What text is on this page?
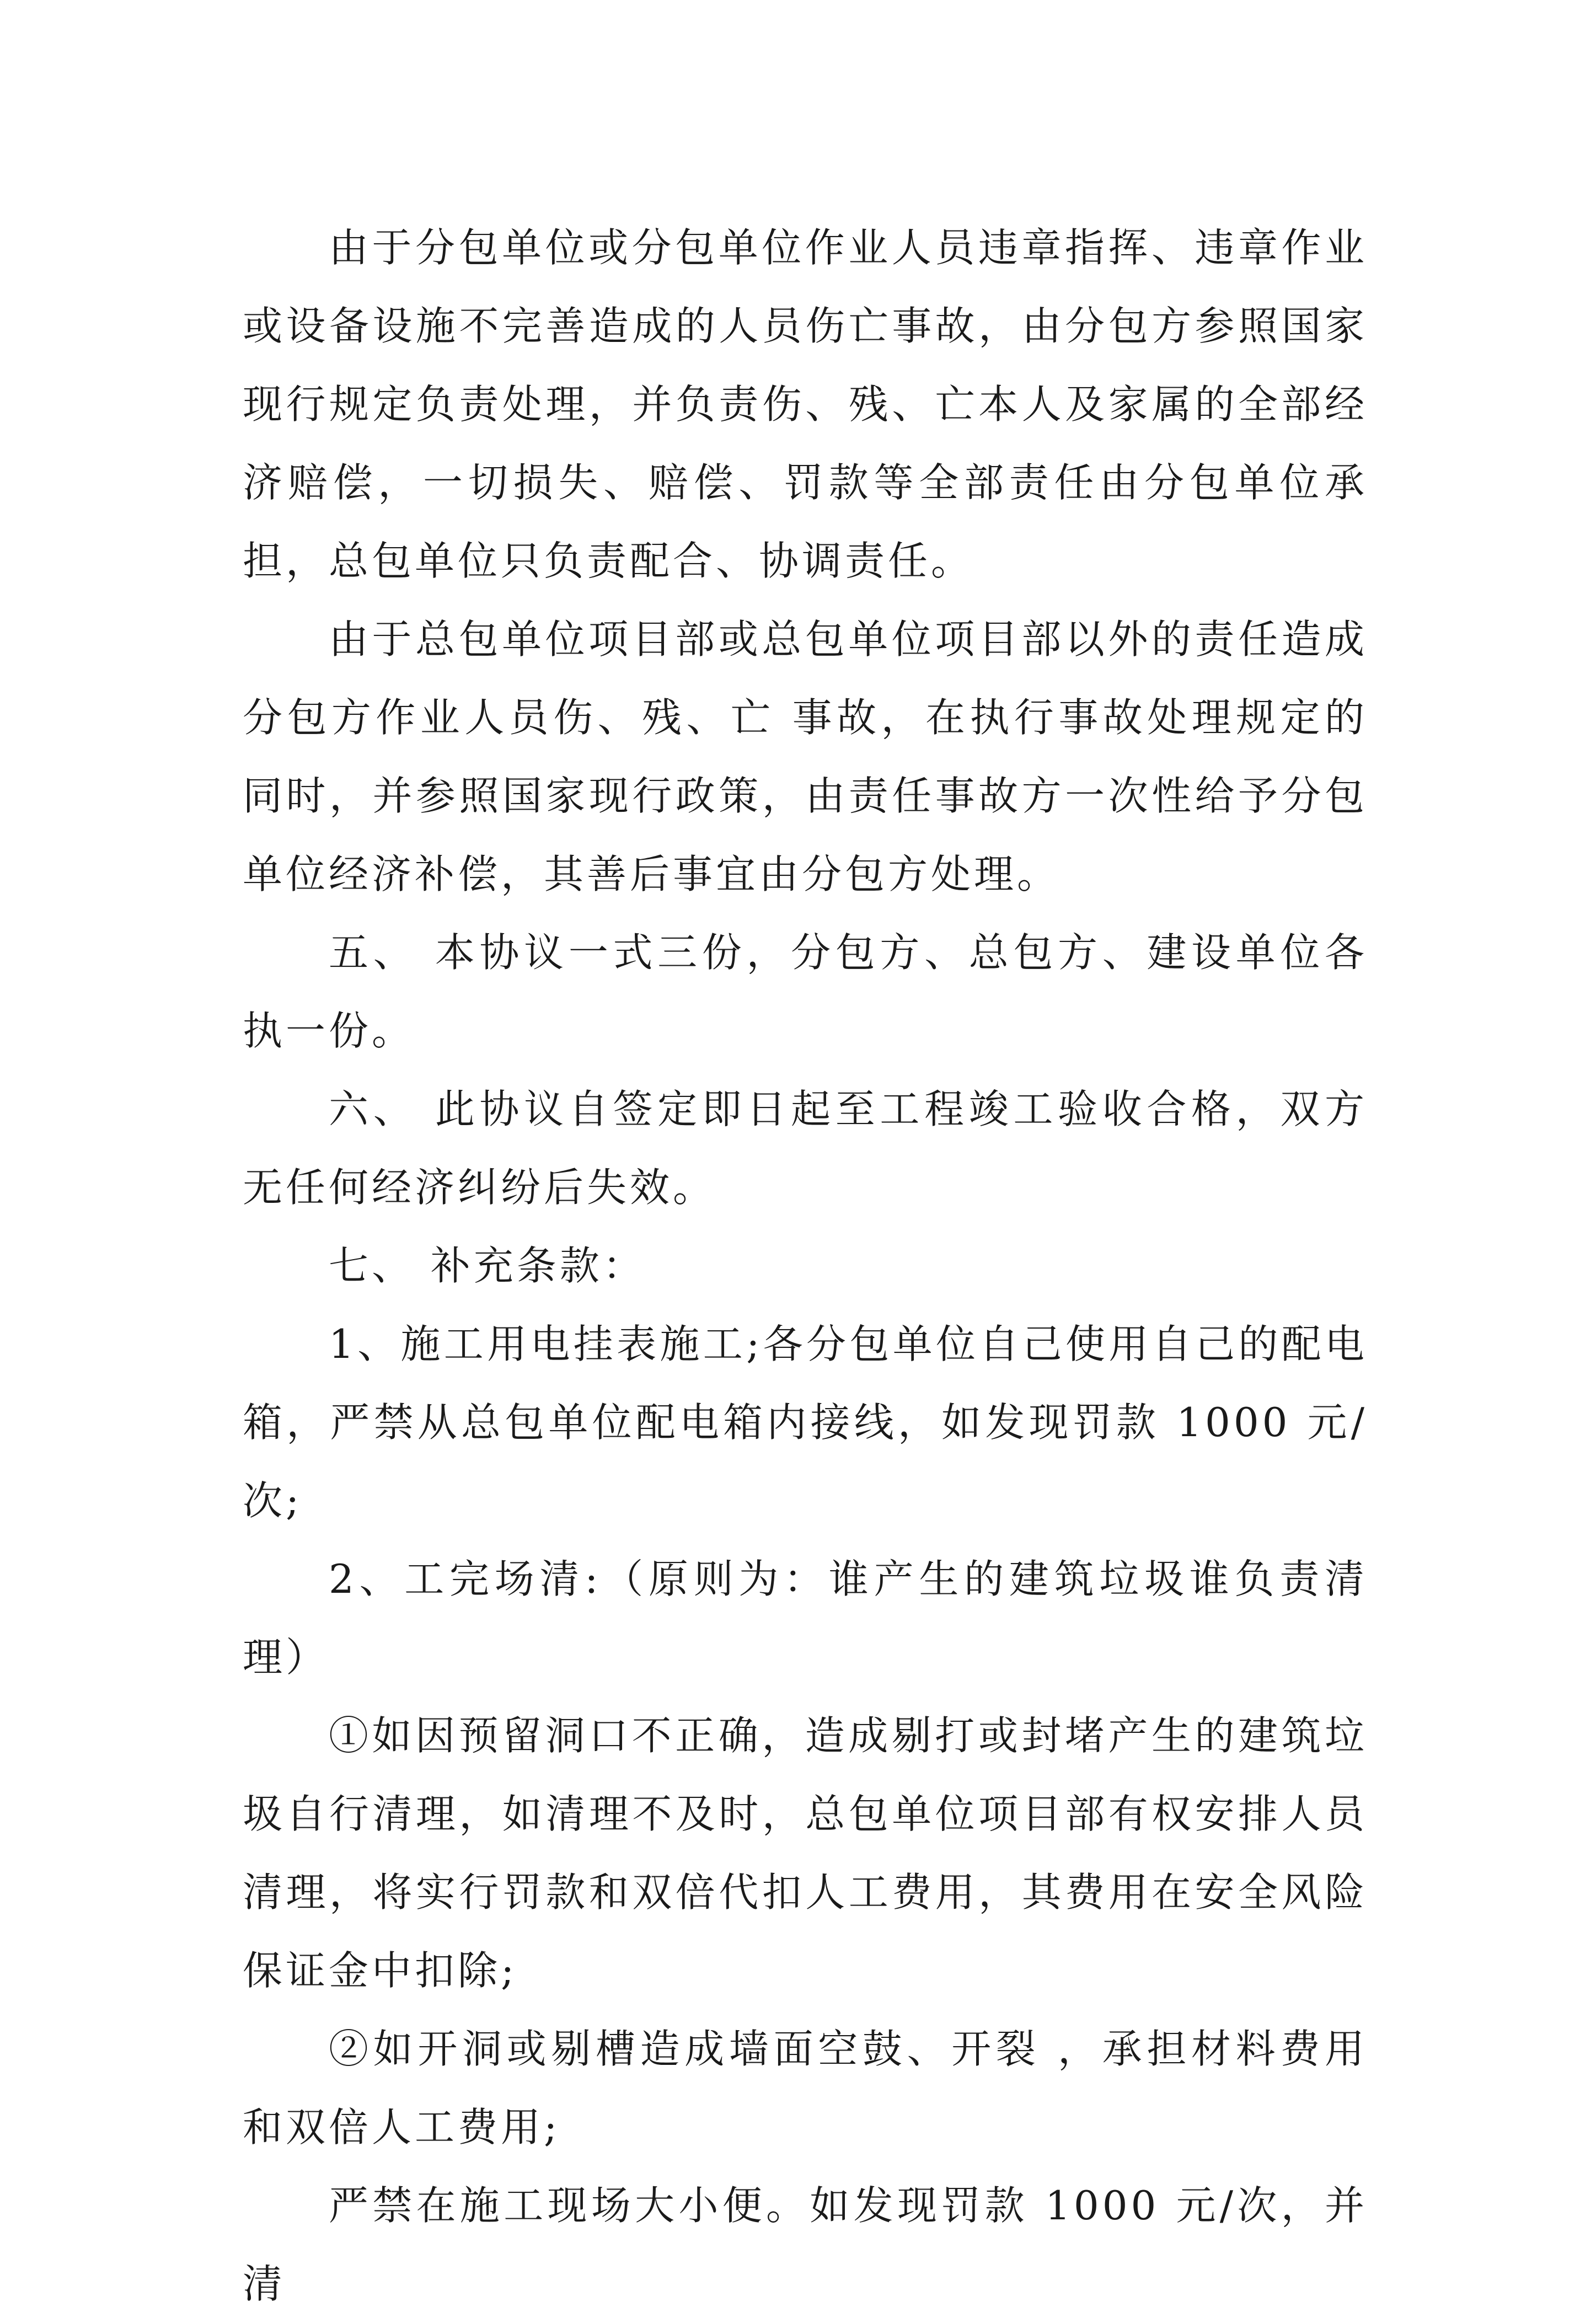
由于分包单位或分包单位作业人员违章指挥、违章作业或设备设施不完善造成的人员伤亡事故，由分包方参照国家现行规定负责处理，并负责伤、残、亡本人及家属的全部经济赔偿，一切损失、赔偿、罚款等全部责任由分包单位承担，总包单位只负责配合、协调责任。

由于总包单位项目部或总包单位项目部以外的责任造成分包方作业人员伤、残、亡 事故，在执行事故处理规定的同时，并参照国家现行政策，由责任事故方一次性给予分包单位经济补偿，其善后事宜由分包方处理。

五、 本协议一式三份，分包方、总包方、建设单位各执一份。

六、 此协议自签定即日起至工程竣工验收合格，双方无任何经济纠纷后失效。

七、 补充条款：

1、施工用电挂表施工;各分包单位自己使用自己的配电箱，严禁从总包单位配电箱内接线，如发现罚款 1000 元/次;

2、工完场清:（原则为：谁产生的建筑垃圾谁负责清理）

①如因预留洞口不正确，造成剔打或封堵产生的建筑垃圾自行清理，如清理不及时，总包单位项目部有权安排人员清理，将实行罚款和双倍代扣人工费用，其费用在安全风险保证金中扣除;

②如开洞或剔槽造成墙面空鼓、开裂 ，承担材料费用和双倍人工费用;

严禁在施工现场大小便。如发现罚款 1000 元/次，并清
